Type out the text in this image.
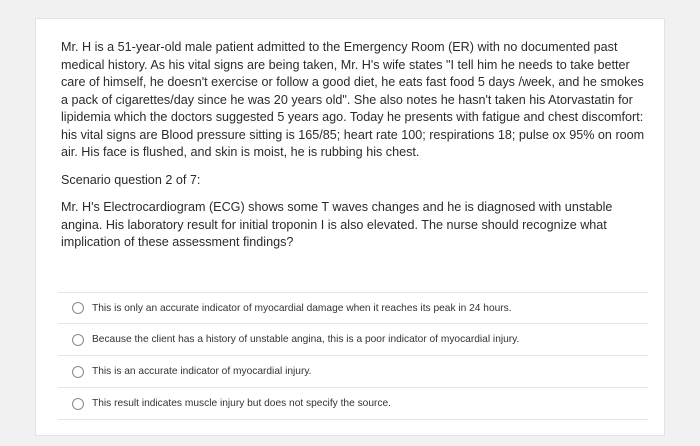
Mr. H is a 51-year-old male patient admitted to the Emergency Room (ER) with no documented past medical history. As his vital signs are being taken, Mr. H's wife states "I tell him he needs to take better care of himself, he doesn't exercise or follow a good diet, he eats fast food 5 days /week, and he smokes a pack of cigarettes/day since he was 20 years old". She also notes he hasn't taken his Atorvastatin for lipidemia which the doctors suggested 5 years ago. Today he presents with fatigue and chest discomfort: his vital signs are Blood pressure sitting is 165/85; heart rate 100; respirations 18; pulse ox 95% on room air. His face is flushed, and skin is moist, he is rubbing his chest.

Scenario question 2 of 7:

Mr. H's Electrocardiogram (ECG) shows some T waves changes and he is diagnosed with unstable angina. His laboratory result for initial troponin I is also elevated. The nurse should recognize what implication of these assessment findings?

This is only an accurate indicator of myocardial damage when it reaches its peak in 24 hours.
Because the client has a history of unstable angina, this is a poor indicator of myocardial injury.
This is an accurate indicator of myocardial injury.
This result indicates muscle injury but does not specify the source.
